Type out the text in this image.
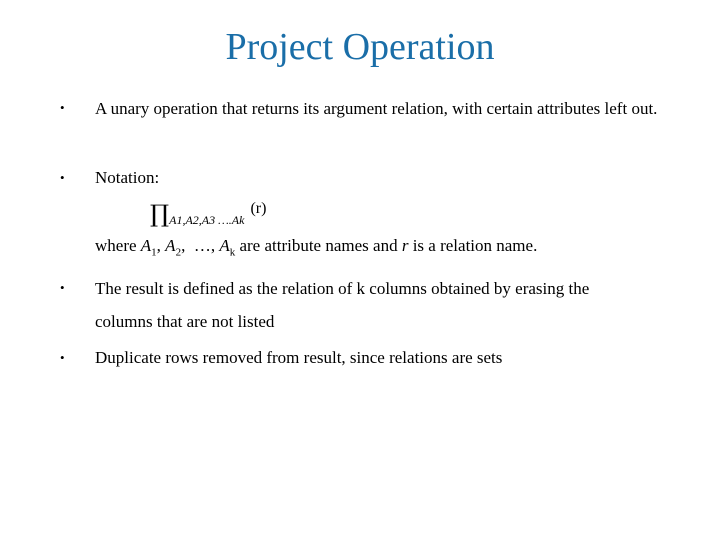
Project Operation
• A unary operation that returns its argument relation, with certain attributes left out.
• Notation:
$\prod_{A1,A2,A3 \dots.Ak}(r)$
where $A_1$, $A_2$,  …, $A_k$ are attribute names and r is a relation name.
• The result is defined as the relation of k columns obtained by erasing the columns that are not listed
• Duplicate rows removed from result, since relations are sets
